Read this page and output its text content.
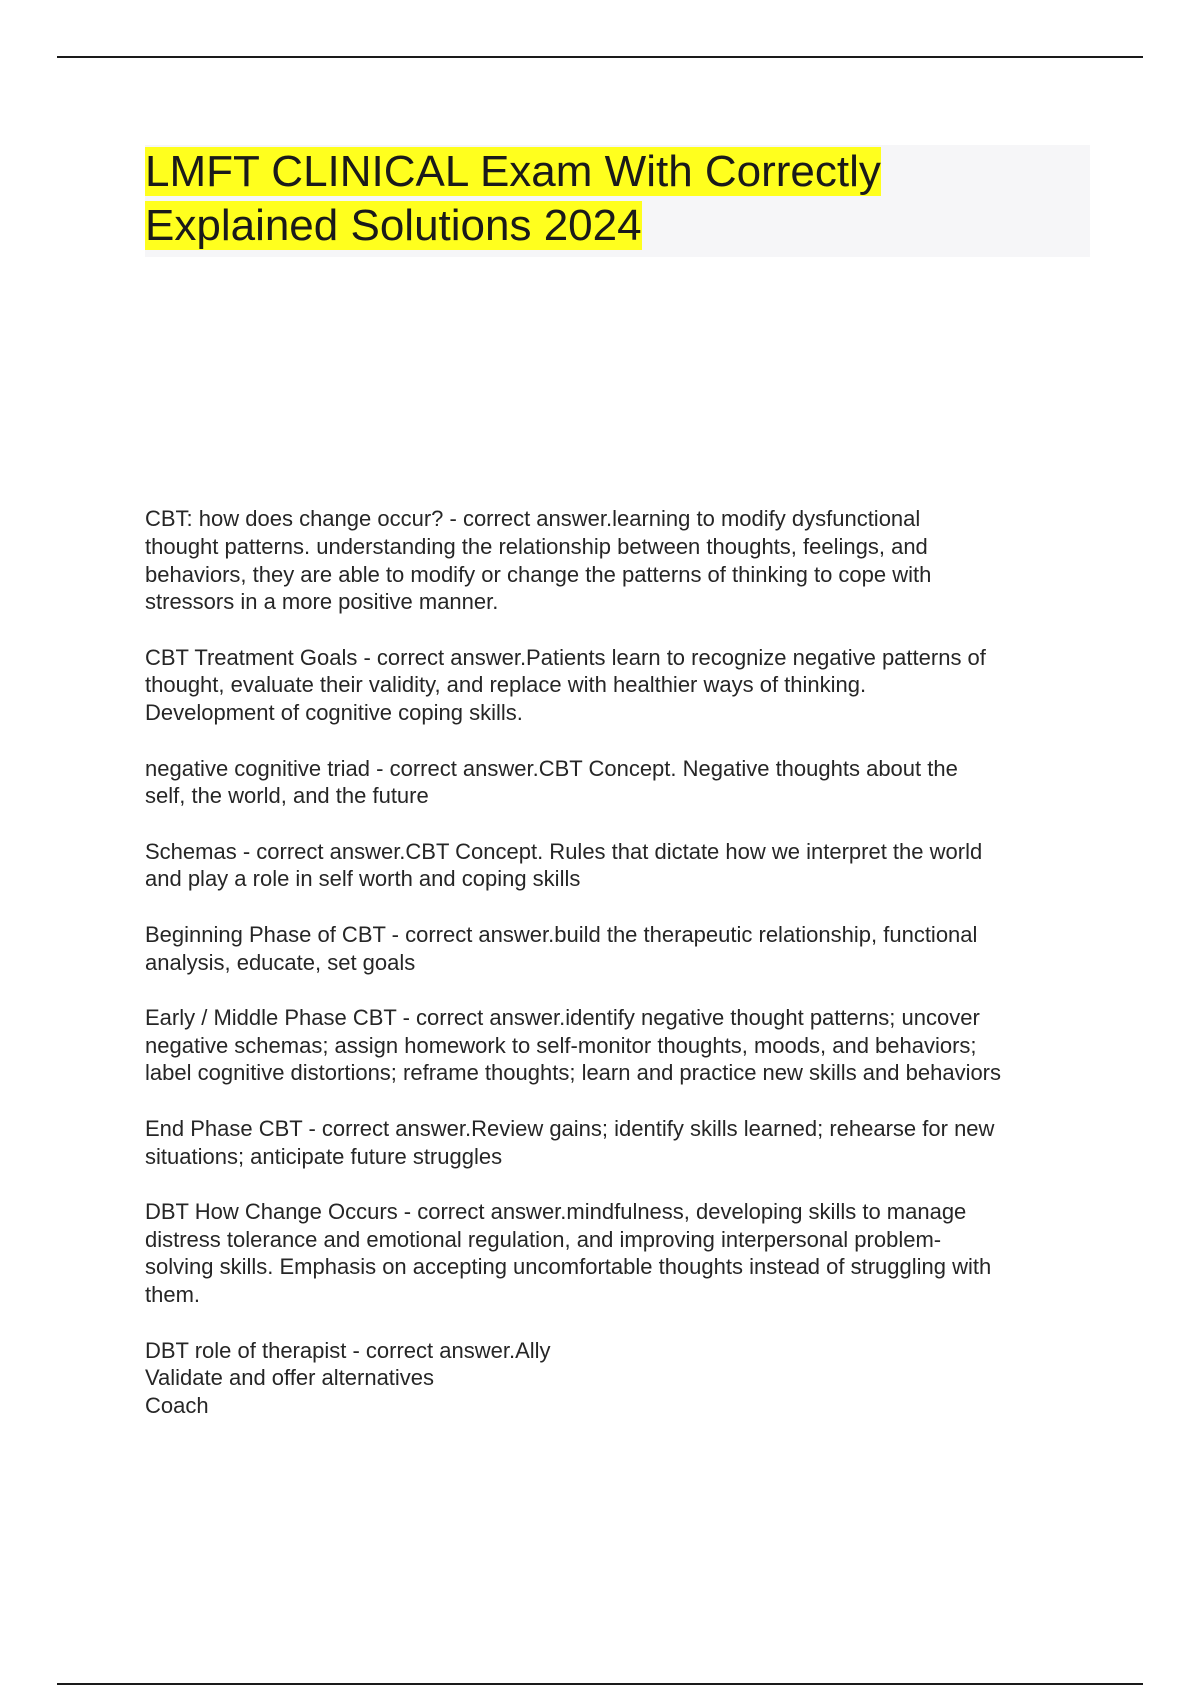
LMFT CLINICAL Exam With Correctly Explained Solutions 2024

CBT: how does change occur? - correct answer.learning to modify dysfunctional
thought patterns. understanding the relationship between thoughts, feelings, and
behaviors, they are able to modify or change the patterns of thinking to cope with
stressors in a more positive manner.

CBT Treatment Goals - correct answer.Patients learn to recognize negative patterns of
thought, evaluate their validity, and replace with healthier ways of thinking.
Development of cognitive coping skills.

negative cognitive triad - correct answer.CBT Concept. Negative thoughts about the
self, the world, and the future

Schemas - correct answer.CBT Concept. Rules that dictate how we interpret the world
and play a role in self worth and coping skills

Beginning Phase of CBT - correct answer.build the therapeutic relationship, functional
analysis, educate, set goals

Early / Middle Phase CBT - correct answer.identify negative thought patterns; uncover
negative schemas; assign homework to self-monitor thoughts, moods, and behaviors;
label cognitive distortions; reframe thoughts; learn and practice new skills and behaviors

End Phase CBT - correct answer.Review gains; identify skills learned; rehearse for new
situations; anticipate future struggles

DBT How Change Occurs - correct answer.mindfulness, developing skills to manage
distress tolerance and emotional regulation, and improving interpersonal problem-
solving skills. Emphasis on accepting uncomfortable thoughts instead of struggling with
them.

DBT role of therapist - correct answer.Ally
Validate and offer alternatives
Coach
